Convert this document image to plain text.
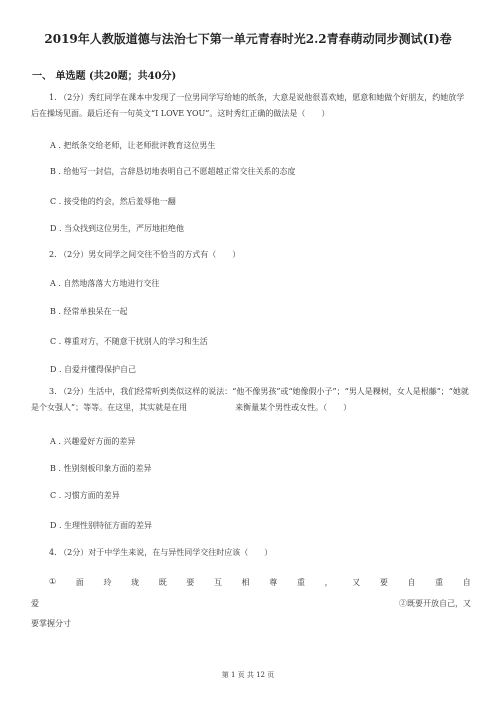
2019年人教版道德与法治七下第一单元青春时光2.2青春萌动同步测试(I)卷
一、 单选题 (共20题；共40分)
1. （2分）秀红同学在课本中发现了一位男同学写给她的纸条，大意是说他很喜欢她，愿意和她做个好朋友，约她放学后在操场见面。最后还有一句英文“I LOVE YOU”。这时秀红正确的做法是（　　）
A . 把纸条交给老师，让老师批评教育这位男生
B . 给他写一封信，言辞恳切地表明自己不愿超越正常交往关系的态度
C . 接受他的约会，然后羞辱他一翻
D . 当众找到这位男生，严厉地拒绝他
2. （2分）男女同学之间交往不恰当的方式有（　　）
A . 自然地落落大方地进行交往
B . 经常单独呆在一起
C . 尊重对方，不随意干扰别人的学习和生活
D . 自爱并懂得保护自己
3. （2分）生活中，我们经常听到类似这样的说法：“他不像男孩”或“她像假小子”；“男人是粿树，女人是根藤”；“她就是个女强人”；等等。在这里，其实就是在用　　　　　　来衡量某个男性或女性。（　　）
A . 兴趣爱好方面的差异
B . 性别刻板印象方面的差异
C . 习惯方面的差异
D . 生理性别特征方面的差异
4. （2分）对于中学生来说，在与异性同学交往时应该（　　）
① 面 玲 珑 既 要 互 相 尊 重 ， 又 要 自 重 自
爱	②既要开放自己，又
要掌握分寸
第 1 页 共 12 页
